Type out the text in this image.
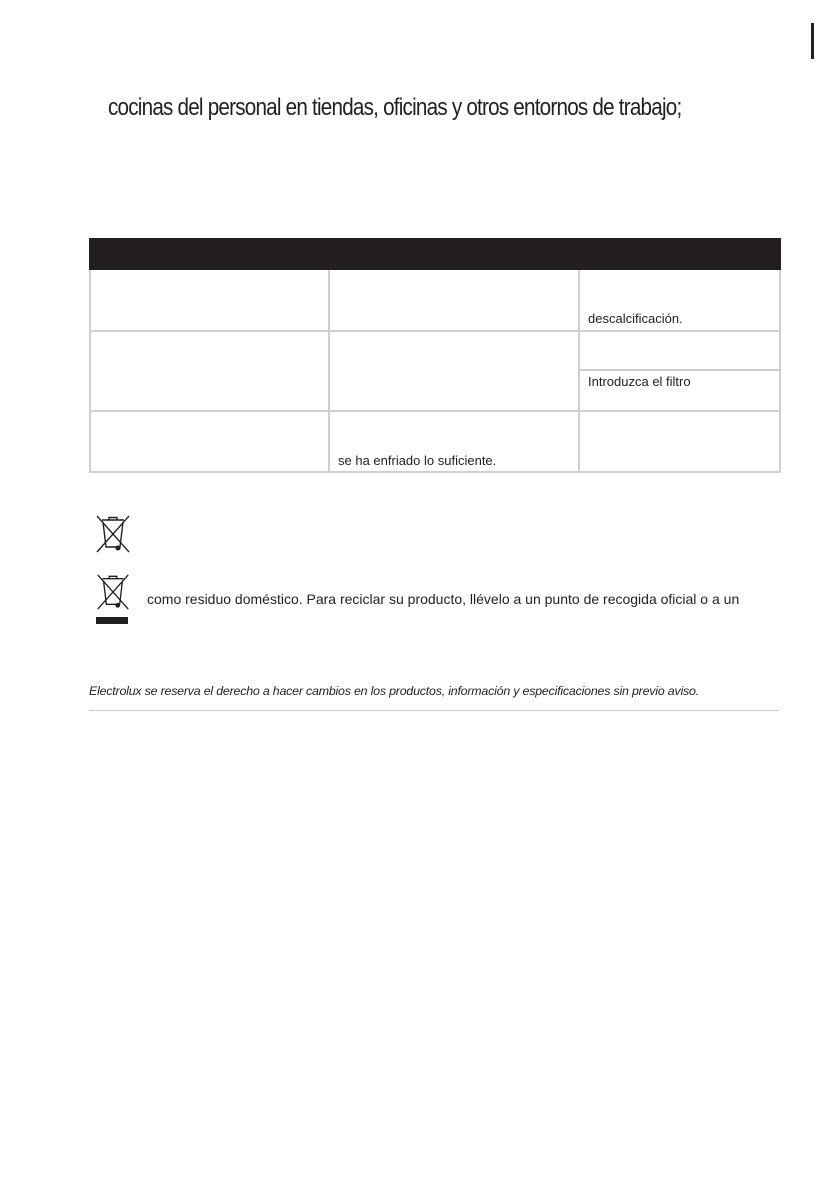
cocinas del personal en tiendas, oficinas y otros entornos de trabajo;

		descalcificación.

		Introduzca el filtro
	se ha enfriado lo suficiente.	

como residuo doméstico. Para reciclar su producto, llévelo a un punto de recogida oficial o a un

Electrolux se reserva el derecho a hacer cambios en los productos, información y especificaciones sin previo aviso.
